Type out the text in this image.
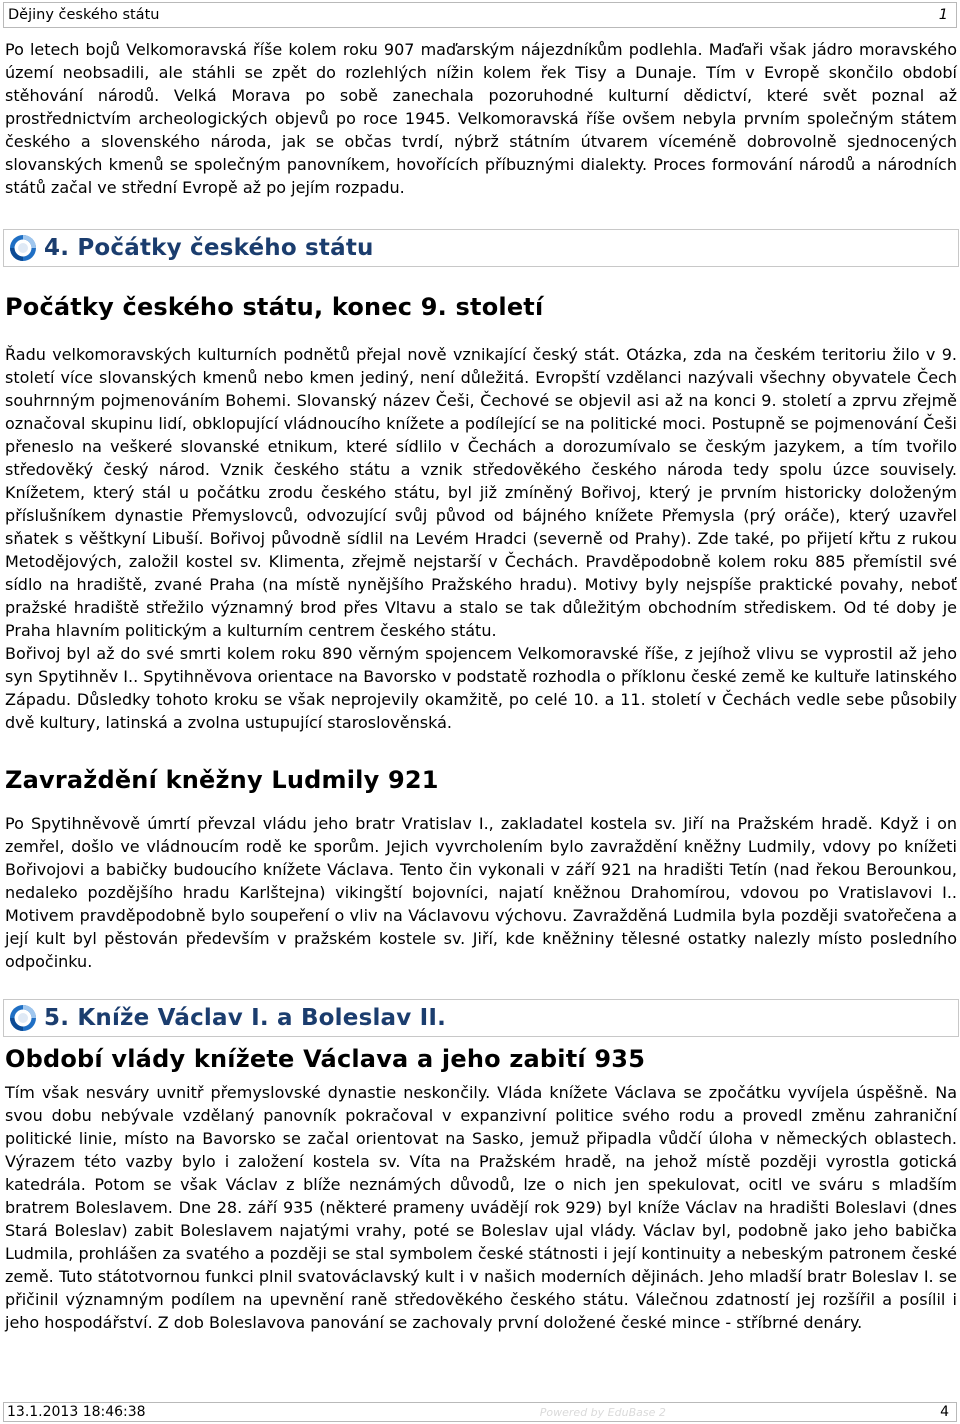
Dějiny českého státu	1

Po letech bojů Velkomoravská říše kolem roku 907 maďarským nájezdníkům podlehla. Maďaři však jádro moravského území neobsadili, ale stáhli se zpět do rozlehlých nížin kolem řek Tisy a Dunaje. Tím v Evropě skončilo období stěhování národů. Velká Morava po sobě zanechala pozoruhodné kulturní dědictví, které svět poznal až prostřednictvím archeologických objevů po roce 1945. Velkomoravská říše ovšem nebyla prvním společným státem českého a slovenského národa, jak se občas tvrdí, nýbrž státním útvarem víceméně dobrovolně sjednocených slovanských kmenů se společným panovníkem, hovořících příbuznými dialekty. Proces formování národů a národních států začal ve střední Evropě až po jejím rozpadu.

4. Počátky českého státu
Počátky českého státu, konec 9. století

Řadu velkomoravských kulturních podnětů přejal nově vznikající český stát. Otázka, zda na českém teritoriu žilo v 9. století více slovanských kmenů nebo kmen jediný, není důležitá. Evropští vzdělanci nazývali všechny obyvatele Čech souhrnným pojmenováním Bohemi. Slovanský název Češi, Čechové se objevil asi až na konci 9. století a zprvu zřejmě označoval skupinu lidí, obklopující vládnoucího knížete a podílející se na politické moci. Postupně se pojmenování Češi přeneslo na veškeré slovanské etnikum, které sídlilo v Čechách a dorozumívalo se českým jazykem, a tím tvořilo středověký český národ. Vznik českého státu a vznik středověkého českého národa tedy spolu úzce souvisely. Knížetem, který stál u počátku zrodu českého státu, byl již zmíněný Bořivoj, který je prvním historicky doloženým příslušníkem dynastie Přemyslovců, odvozující svůj původ od bájného knížete Přemysla (prý oráče), který uzavřel sňatek s věštkyní Libuší. Bořivoj původně sídlil na Levém Hradci (severně od Prahy). Zde také, po přijetí křtu z rukou Metodějových, založil kostel sv. Klimenta, zřejmě nejstarší v Čechách. Pravděpodobně kolem roku 885 přemístil své sídlo na hradiště, zvané Praha (na místě nynějšího Pražského hradu). Motivy byly nejspíše praktické povahy, neboť pražské hradiště střežilo významný brod přes Vltavu a stalo se tak důležitým obchodním střediskem. Od té doby je Praha hlavním politickým a kulturním centrem českého státu.

Bořivoj byl až do své smrti kolem roku 890 věrným spojencem Velkomoravské říše, z jejíhož vlivu se vyprostil až jeho syn Spytihněv I.. Spytihněvova orientace na Bavorsko v podstatě rozhodla o příklonu české země ke kultuře latinského Západu. Důsledky tohoto kroku se však neprojevily okamžitě, po celé 10. a 11. století v Čechách vedle sebe působily dvě kultury, latinská a zvolna ustupující staroslověnská.

Zavraždění kněžny Ludmily 921

Po Spytihněvově úmrtí převzal vládu jeho bratr Vratislav I., zakladatel kostela sv. Jiří na Pražském hradě. Když i on zemřel, došlo ve vládnoucím rodě ke sporům. Jejich vyvrcholením bylo zavraždění kněžny Ludmily, vdovy po knížeti Bořivojovi a babičky budoucího knížete Václava. Tento čin vykonali v září 921 na hradišti Tetín (nad řekou Berounkou, nedaleko pozdějšího hradu Karlštejna) vikingští bojovníci, najatí kněžnou Drahomírou, vdovou po Vratislavovi I.. Motivem pravděpodobně bylo soupeření o vliv na Václavovu výchovu. Zavražděná Ludmila byla později svatořečena a její kult byl pěstován především v pražském kostele sv. Jiří, kde kněžniny tělesné ostatky nalezly místo posledního odpočinku.

5. Kníže Václav I. a Boleslav II.
Období vlády knížete Václava a jeho zabití 935

Tím však nesváry uvnitř přemyslovské dynastie neskončily. Vláda knížete Václava se zpočátku vyvíjela úspěšně. Na svou dobu nebývale vzdělaný panovník pokračoval v expanzivní politice svého rodu a provedl změnu zahraniční politické linie, místo na Bavorsko se začal orientovat na Sasko, jemuž připadla vůdčí úloha v německých oblastech. Výrazem této vazby bylo i založení kostela sv. Víta na Pražském hradě, na jehož místě později vyrostla gotická katedrála. Potom se však Václav z blíže neznámých důvodů, lze o nich jen spekulovat, ocitl ve sváru s mladším bratrem Boleslavem. Dne 28. září 935 (některé prameny uvádějí rok 929) byl kníže Václav na hradišti Boleslavi (dnes Stará Boleslav) zabit Boleslavem najatými vrahy, poté se Boleslav ujal vlády. Václav byl, podobně jako jeho babička Ludmila, prohlášen za svatého a později se stal symbolem české státnosti i její kontinuity a nebeským patronem české země. Tuto státotvornou funkci plnil svatováclavský kult i v našich moderních dějinách. Jeho mladší bratr Boleslav I. se přičinil významným podílem na upevnění raně středověkého českého státu. Válečnou zdatností jej rozšířil a posílil i jeho hospodářství. Z dob Boleslavova panování se zachovaly první doložené české mince - stříbrné denáry.

13.1.2013 18:46:38	Powered by EduBase 2	4
